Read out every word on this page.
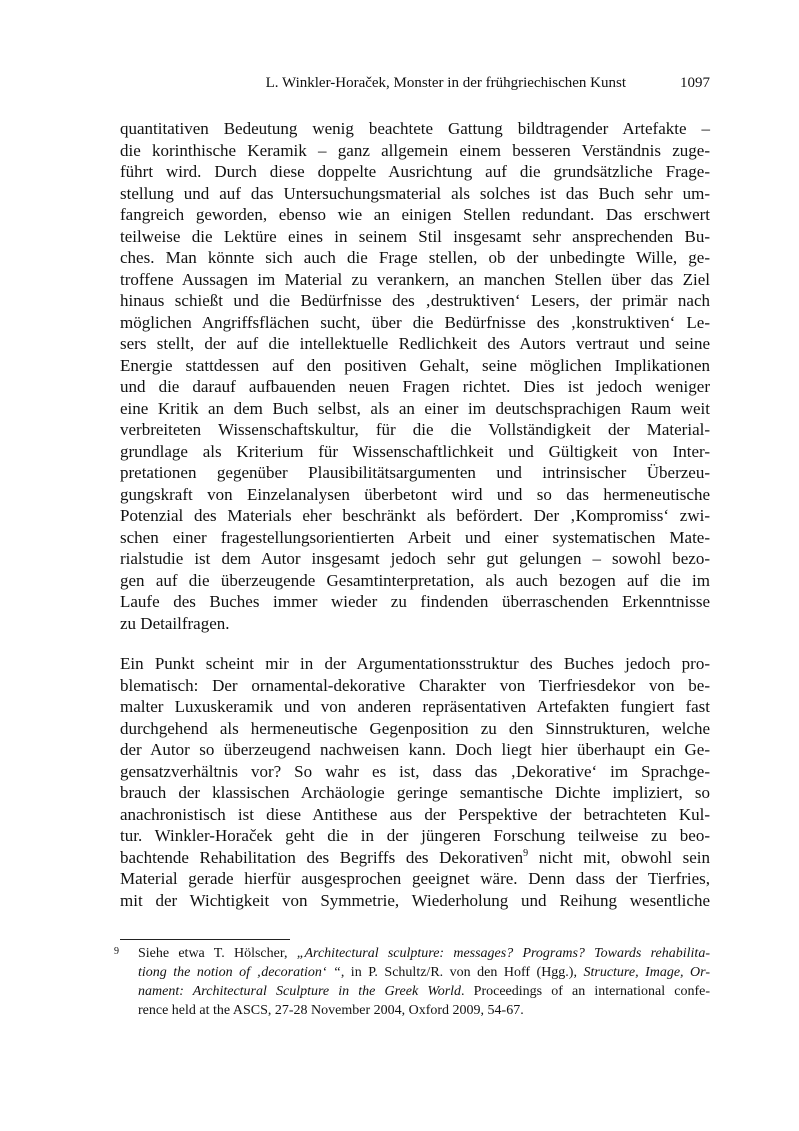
L. Winkler-Horaček, Monster in der frühgriechischen Kunst	1097
quantitativen Bedeutung wenig beachtete Gattung bildtragender Artefakte –
die korinthische Keramik – ganz allgemein einem besseren Verständnis zuge-
führt wird. Durch diese doppelte Ausrichtung auf die grundsätzliche Frage-
stellung und auf das Untersuchungsmaterial als solches ist das Buch sehr um-
fangreich geworden, ebenso wie an einigen Stellen redundant. Das erschwert
teilweise die Lektüre eines in seinem Stil insgesamt sehr ansprechenden Bu-
ches. Man könnte sich auch die Frage stellen, ob der unbedingte Wille, ge-
troffene Aussagen im Material zu verankern, an manchen Stellen über das Ziel
hinaus schießt und die Bedürfnisse des ‚destruktiven‘ Lesers, der primär nach
möglichen Angriffsflächen sucht, über die Bedürfnisse des ‚konstruktiven‘ Le-
sers stellt, der auf die intellektuelle Redlichkeit des Autors vertraut und seine
Energie stattdessen auf den positiven Gehalt, seine möglichen Implikationen
und die darauf aufbauenden neuen Fragen richtet. Dies ist jedoch weniger
eine Kritik an dem Buch selbst, als an einer im deutschsprachigen Raum weit
verbreiteten Wissenschaftskultur, für die die Vollständigkeit der Material-
grundlage als Kriterium für Wissenschaftlichkeit und Gültigkeit von Inter-
pretationen gegenüber Plausibilitätsargumenten und intrinsischer Überzeu-
gungskraft von Einzelanalysen überbetont wird und so das hermeneutische
Potenzial des Materials eher beschränkt als befördert. Der ‚Kompromiss‘ zwi-
schen einer fragestellungsorientierten Arbeit und einer systematischen Mate-
rialstudie ist dem Autor insgesamt jedoch sehr gut gelungen – sowohl bezo-
gen auf die überzeugende Gesamtinterpretation, als auch bezogen auf die im
Laufe des Buches immer wieder zu findenden überraschenden Erkenntnisse
zu Detailfragen.
Ein Punkt scheint mir in der Argumentationsstruktur des Buches jedoch pro-
blematisch: Der ornamental-dekorative Charakter von Tierfriesdekor von be-
malter Luxuskeramik und von anderen repräsentativen Artefakten fungiert fast
durchgehend als hermeneutische Gegenposition zu den Sinnstrukturen, welche
der Autor so überzeugend nachweisen kann. Doch liegt hier überhaupt ein Ge-
gensatzverhältnis vor? So wahr es ist, dass das ‚Dekorative‘ im Sprachge-
brauch der klassischen Archäologie geringe semantische Dichte impliziert, so
anachronistisch ist diese Antithese aus der Perspektive der betrachteten Kul-
tur. Winkler-Horaček geht die in der jüngeren Forschung teilweise zu beo-
bachtende Rehabilitation des Begriffs des Dekorativen$^9$ nicht mit, obwohl sein
Material gerade hierfür ausgesprochen geeignet wäre. Denn dass der Tierfries,
mit der Wichtigkeit von Symmetrie, Wiederholung und Reihung wesentliche
9 Siehe etwa T. Hölscher, „Architectural sculpture: messages? Programs? Towards rehabilita-
tiong the notion of ‚decoration‘ “, in P. Schultz/R. von den Hoff (Hgg.), Structure, Image, Or-
nament: Architectural Sculpture in the Greek World. Proceedings of an international confe-
rence held at the ASCS, 27-28 November 2004, Oxford 2009, 54-67.
